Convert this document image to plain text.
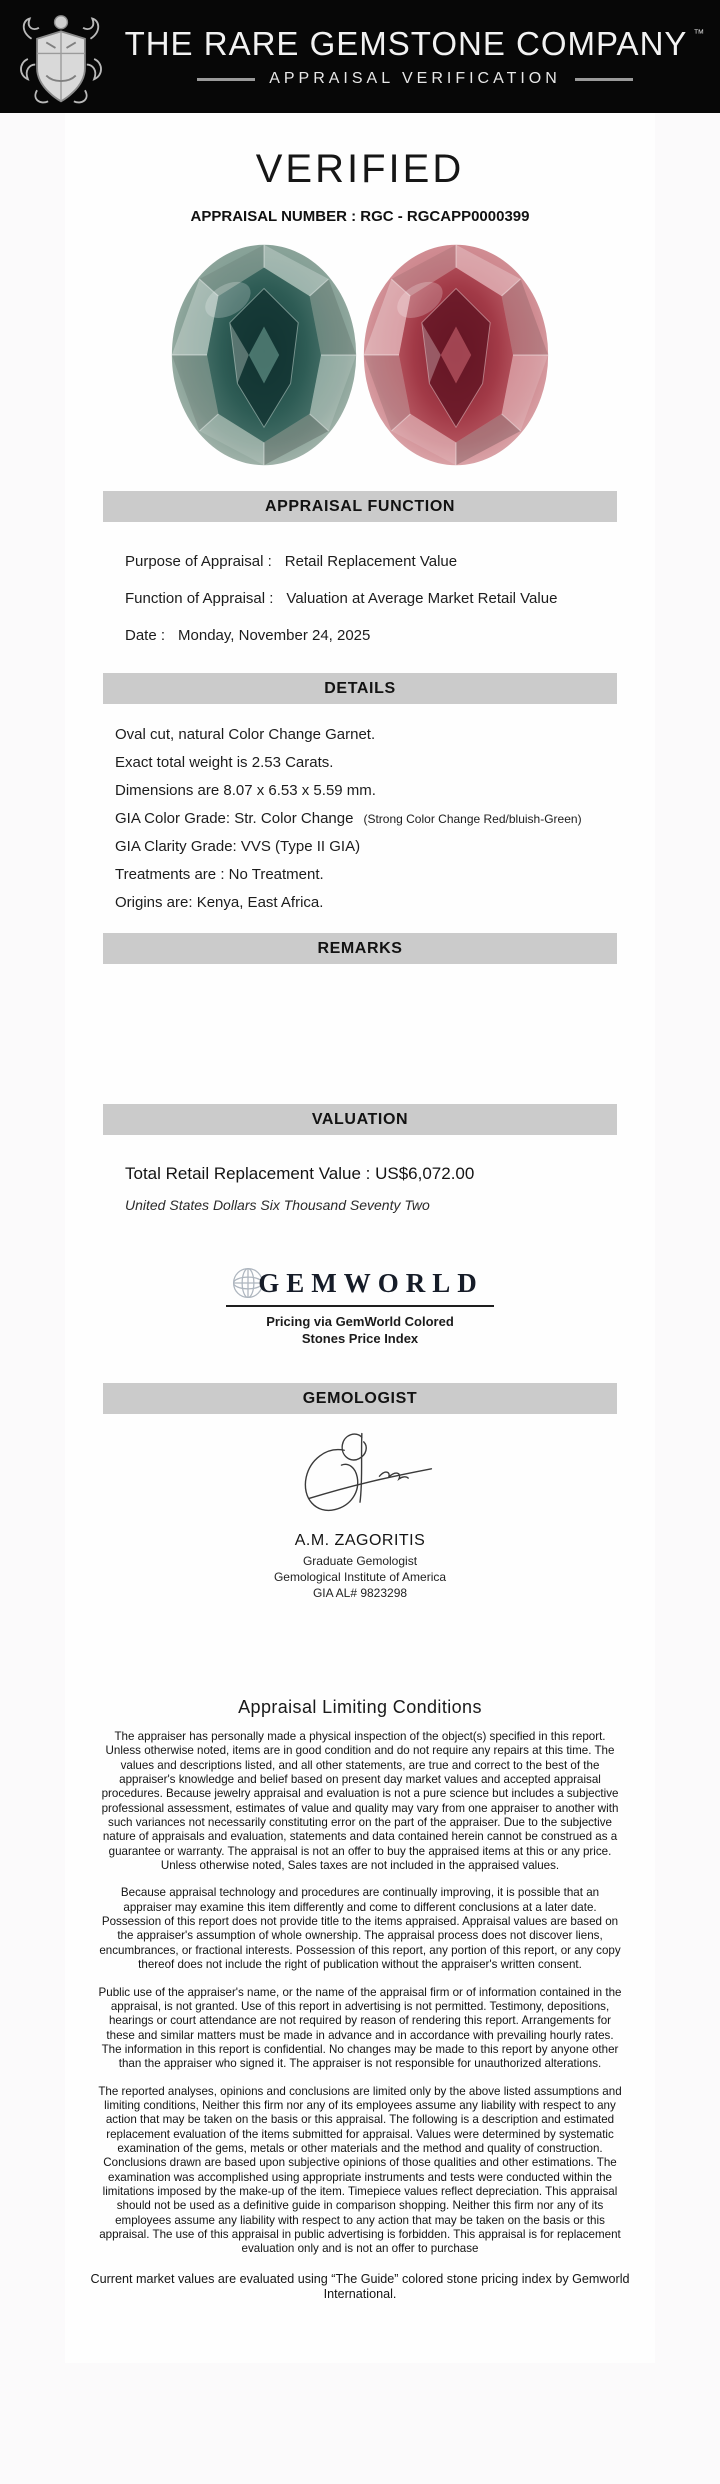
THE RARE GEMSTONE COMPANY ™
APPRAISAL VERIFICATION
VERIFIED
APPRAISAL NUMBER : RGC - RGCAPP0000399
APPRAISAL FUNCTION
Purpose of Appraisal : Retail Replacement Value
Function of Appraisal : Valuation at Average Market Retail Value
Date : Monday, November 24, 2025
DETAILS
Oval cut, natural Color Change Garnet.
Exact total weight is 2.53 Carats.
Dimensions are 8.07 x 6.53 x 5.59 mm.
GIA Color Grade: Str. Color Change (Strong Color Change Red/bluish-Green)
GIA Clarity Grade: VVS (Type II GIA)
Treatments are : No Treatment.
Origins are: Kenya, East Africa.
REMARKS
VALUATION
Total Retail Replacement Value : US$6,072.00
United States Dollars Six Thousand Seventy Two
GEMWORLD
Pricing via GemWorld Colored
Stones Price Index
GEMOLOGIST
A.M. ZAGORITIS
Graduate Gemologist
Gemological Institute of America
GIA AL# 9823298
Appraisal Limiting Conditions

The appraiser has personally made a physical inspection of the object(s) specified in this report. Unless otherwise noted, items are in good condition and do not require any repairs at this time. The values and descriptions listed, and all other statements, are true and correct to the best of the appraiser's knowledge and belief based on present day market values and accepted appraisal procedures. Because jewelry appraisal and evaluation is not a pure science but includes a subjective professional assessment, estimates of value and quality may vary from one appraiser to another with such variances not necessarily constituting error on the part of the appraiser. Due to the subjective nature of appraisals and evaluation, statements and data contained herein cannot be construed as a guarantee or warranty. The appraisal is not an offer to buy the appraised items at this or any price. Unless otherwise noted, Sales taxes are not included in the appraised values.

Because appraisal technology and procedures are continually improving, it is possible that an appraiser may examine this item differently and come to different conclusions at a later date. Possession of this report does not provide title to the items appraised. Appraisal values are based on the appraiser's assumption of whole ownership. The appraisal process does not discover liens, encumbrances, or fractional interests. Possession of this report, any portion of this report, or any copy thereof does not include the right of publication without the appraiser's written consent.

Public use of the appraiser's name, or the name of the appraisal firm or of information contained in the appraisal, is not granted. Use of this report in advertising is not permitted. Testimony, depositions, hearings or court attendance are not required by reason of rendering this report. Arrangements for these and similar matters must be made in advance and in accordance with prevailing hourly rates. The information in this report is confidential. No changes may be made to this report by anyone other than the appraiser who signed it. The appraiser is not responsible for unauthorized alterations.

The reported analyses, opinions and conclusions are limited only by the above listed assumptions and limiting conditions, Neither this firm nor any of its employees assume any liability with respect to any action that may be taken on the basis or this appraisal. The following is a description and estimated replacement evaluation of the items submitted for appraisal. Values were determined by systematic examination of the gems, metals or other materials and the method and quality of construction. Conclusions drawn are based upon subjective opinions of those qualities and other estimations. The examination was accomplished using appropriate instruments and tests were conducted within the limitations imposed by the make-up of the item. Timepiece values reflect depreciation. This appraisal should not be used as a definitive guide in comparison shopping. Neither this firm nor any of its employees assume any liability with respect to any action that may be taken on the basis or this appraisal. The use of this appraisal in public advertising is forbidden. This appraisal is for replacement evaluation only and is not an offer to purchase

Current market values are evaluated using “The Guide” colored stone pricing index by Gemworld International.
